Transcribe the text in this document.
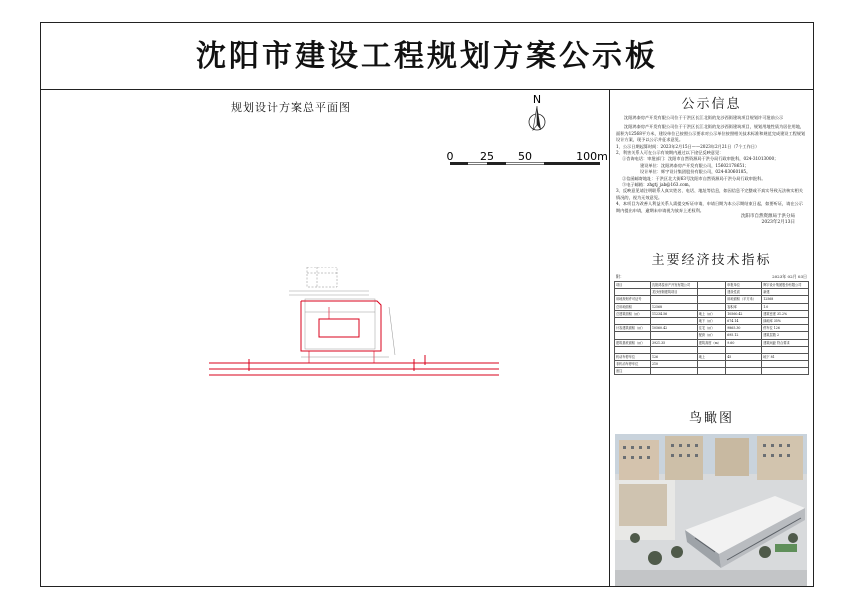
沈阳市建设工程规划方案公示板
规划设计方案总平面图
N
0 25 50	100m
公示信息

沈阳鸿泰房产开发有限公司位于于洪区长江北街的龙沙西街建筑项目规划许可批前公示

沈阳鸿泰房产开发有限公司位于于洪区长江北街的龙沙西街建筑项目，规划用地性质为居住用地，面积为12568平方米，建设单位已按照公示要求对公示单位按照相关技术标准和规范完成建设工程规划设计方案，现予以公示并征求意见。

1、公示日期起算时间：2023年2月15日——2023年2月21日（7个工作日）

2、利害关系人可在公示有效期内通过以下途径反映意见：

①咨询电话：审批部门：沈阳市自然资源局于洪分局行政审批科，024-31013000；

建设单位：沈阳鸿泰房产开发有限公司，15602178651；

设计单位：辉宇设计集团股份有限公司，024-83060185。

②信函邮寄地址：于洪区北大街63号沈阳市自然资源局于洪分局行政审批科。

③电子邮箱：zhgtj_jab@163.com。

3、反映意见请注明联系人真实姓名、电话、地址等信息，如因信息不完整或不真实导致无法核实相关情况的，视为无效意见。

4、本项目为改善人利益关系人需提交听证申请，申请日期为本公示期结束日起，如要听证，请在公示期内提出申请，逾期未申请视为放弃上述权利。

沈阳市自然资源局于洪分局
2023年2月13日
主要经济技术指标
附：	2023年 02月 03日
项目	沈阳鸿泰房产开发有限公司		申报单位	辉宇设计集团股份有限公司
	龙沙西街建筑项目		建设性质	新建
用地规划许可证号			用地面积（平方米）	12568
总用地面积	12568		容积率	1.0
总建筑面积（㎡）	11234.56	地上（㎡）	10560.42	建筑密度 31.2%
		地下（㎡）	674.14	绿地率 35%
计容建筑面积（㎡）	10560.42	住宅（㎡）	9865.30	停车位 126
		配套（㎡）	695.12	建筑层数 2
建筑基底面积（㎡）	3921.35	建筑高度（m）	9.60	建筑间距 符合要求

机动车停车位	126	地上	45	地下 81
非机动车停车位	210			
备注				
鸟瞰图
